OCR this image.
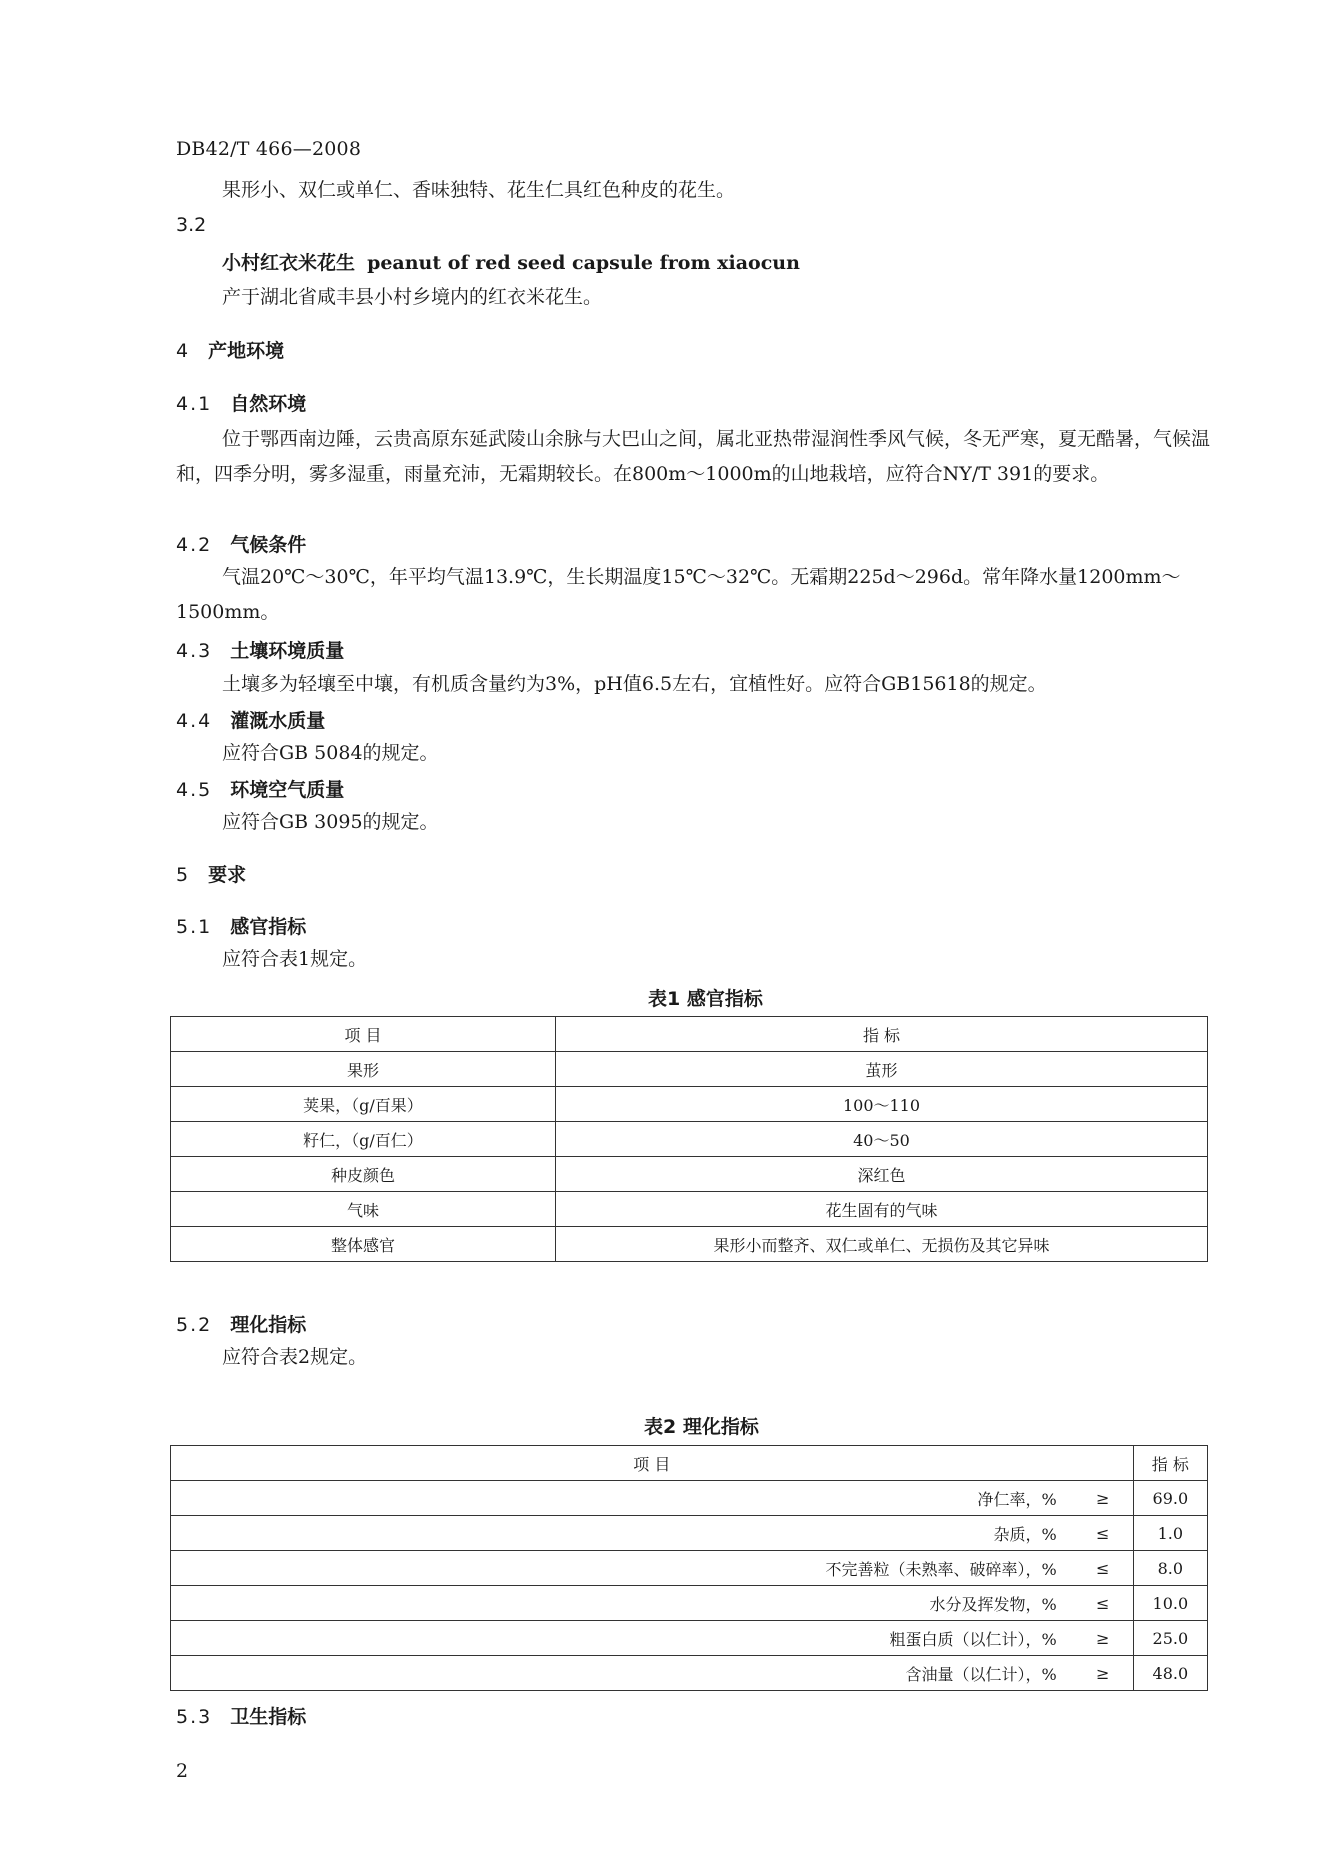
DB42/T 466—2008
果形小、双仁或单仁、香味独特、花生仁具红色种皮的花生。
3.2
小村红衣米花生 peanut of red seed capsule from xiaocun
产于湖北省咸丰县小村乡境内的红衣米花生。
4 产地环境
4.1 自然环境
位于鄂西南边陲，云贵高原东延武陵山余脉与大巴山之间，属北亚热带湿润性季风气候，冬无严寒，夏无酷暑，气候温和，四季分明，雾多湿重，雨量充沛，无霜期较长。在800m～1000m的山地栽培，应符合NY/T 391的要求。
4.2 气候条件
气温20℃～30℃，年平均气温13.9℃，生长期温度15℃～32℃。无霜期225d～296d。常年降水量1200mm～1500mm。
4.3 土壤环境质量
土壤多为轻壤至中壤，有机质含量约为3%，pH值6.5左右，宜植性好。应符合GB15618的规定。
4.4 灌溉水质量
应符合GB 5084的规定。
4.5 环境空气质量
应符合GB 3095的规定。
5 要求
5.1 感官指标
应符合表1规定。
表1 感官指标
项 目	指 标
果形	茧形
荚果，（g/百果）	100～110
籽仁，（g/百仁）	40～50
种皮颜色	深红色
气味	花生固有的气味
整体感官	果形小而整齐、双仁或单仁、无损伤及其它异味
5.2 理化指标
应符合表2规定。
表2 理化指标
项 目		指 标
净仁率，%	≥	69.0
杂质，%	≤	1.0
不完善粒（未熟率、破碎率），%	≤	8.0
水分及挥发物，%	≤	10.0
粗蛋白质（以仁计），%	≥	25.0
含油量（以仁计），%	≥	48.0
5.3 卫生指标
2
